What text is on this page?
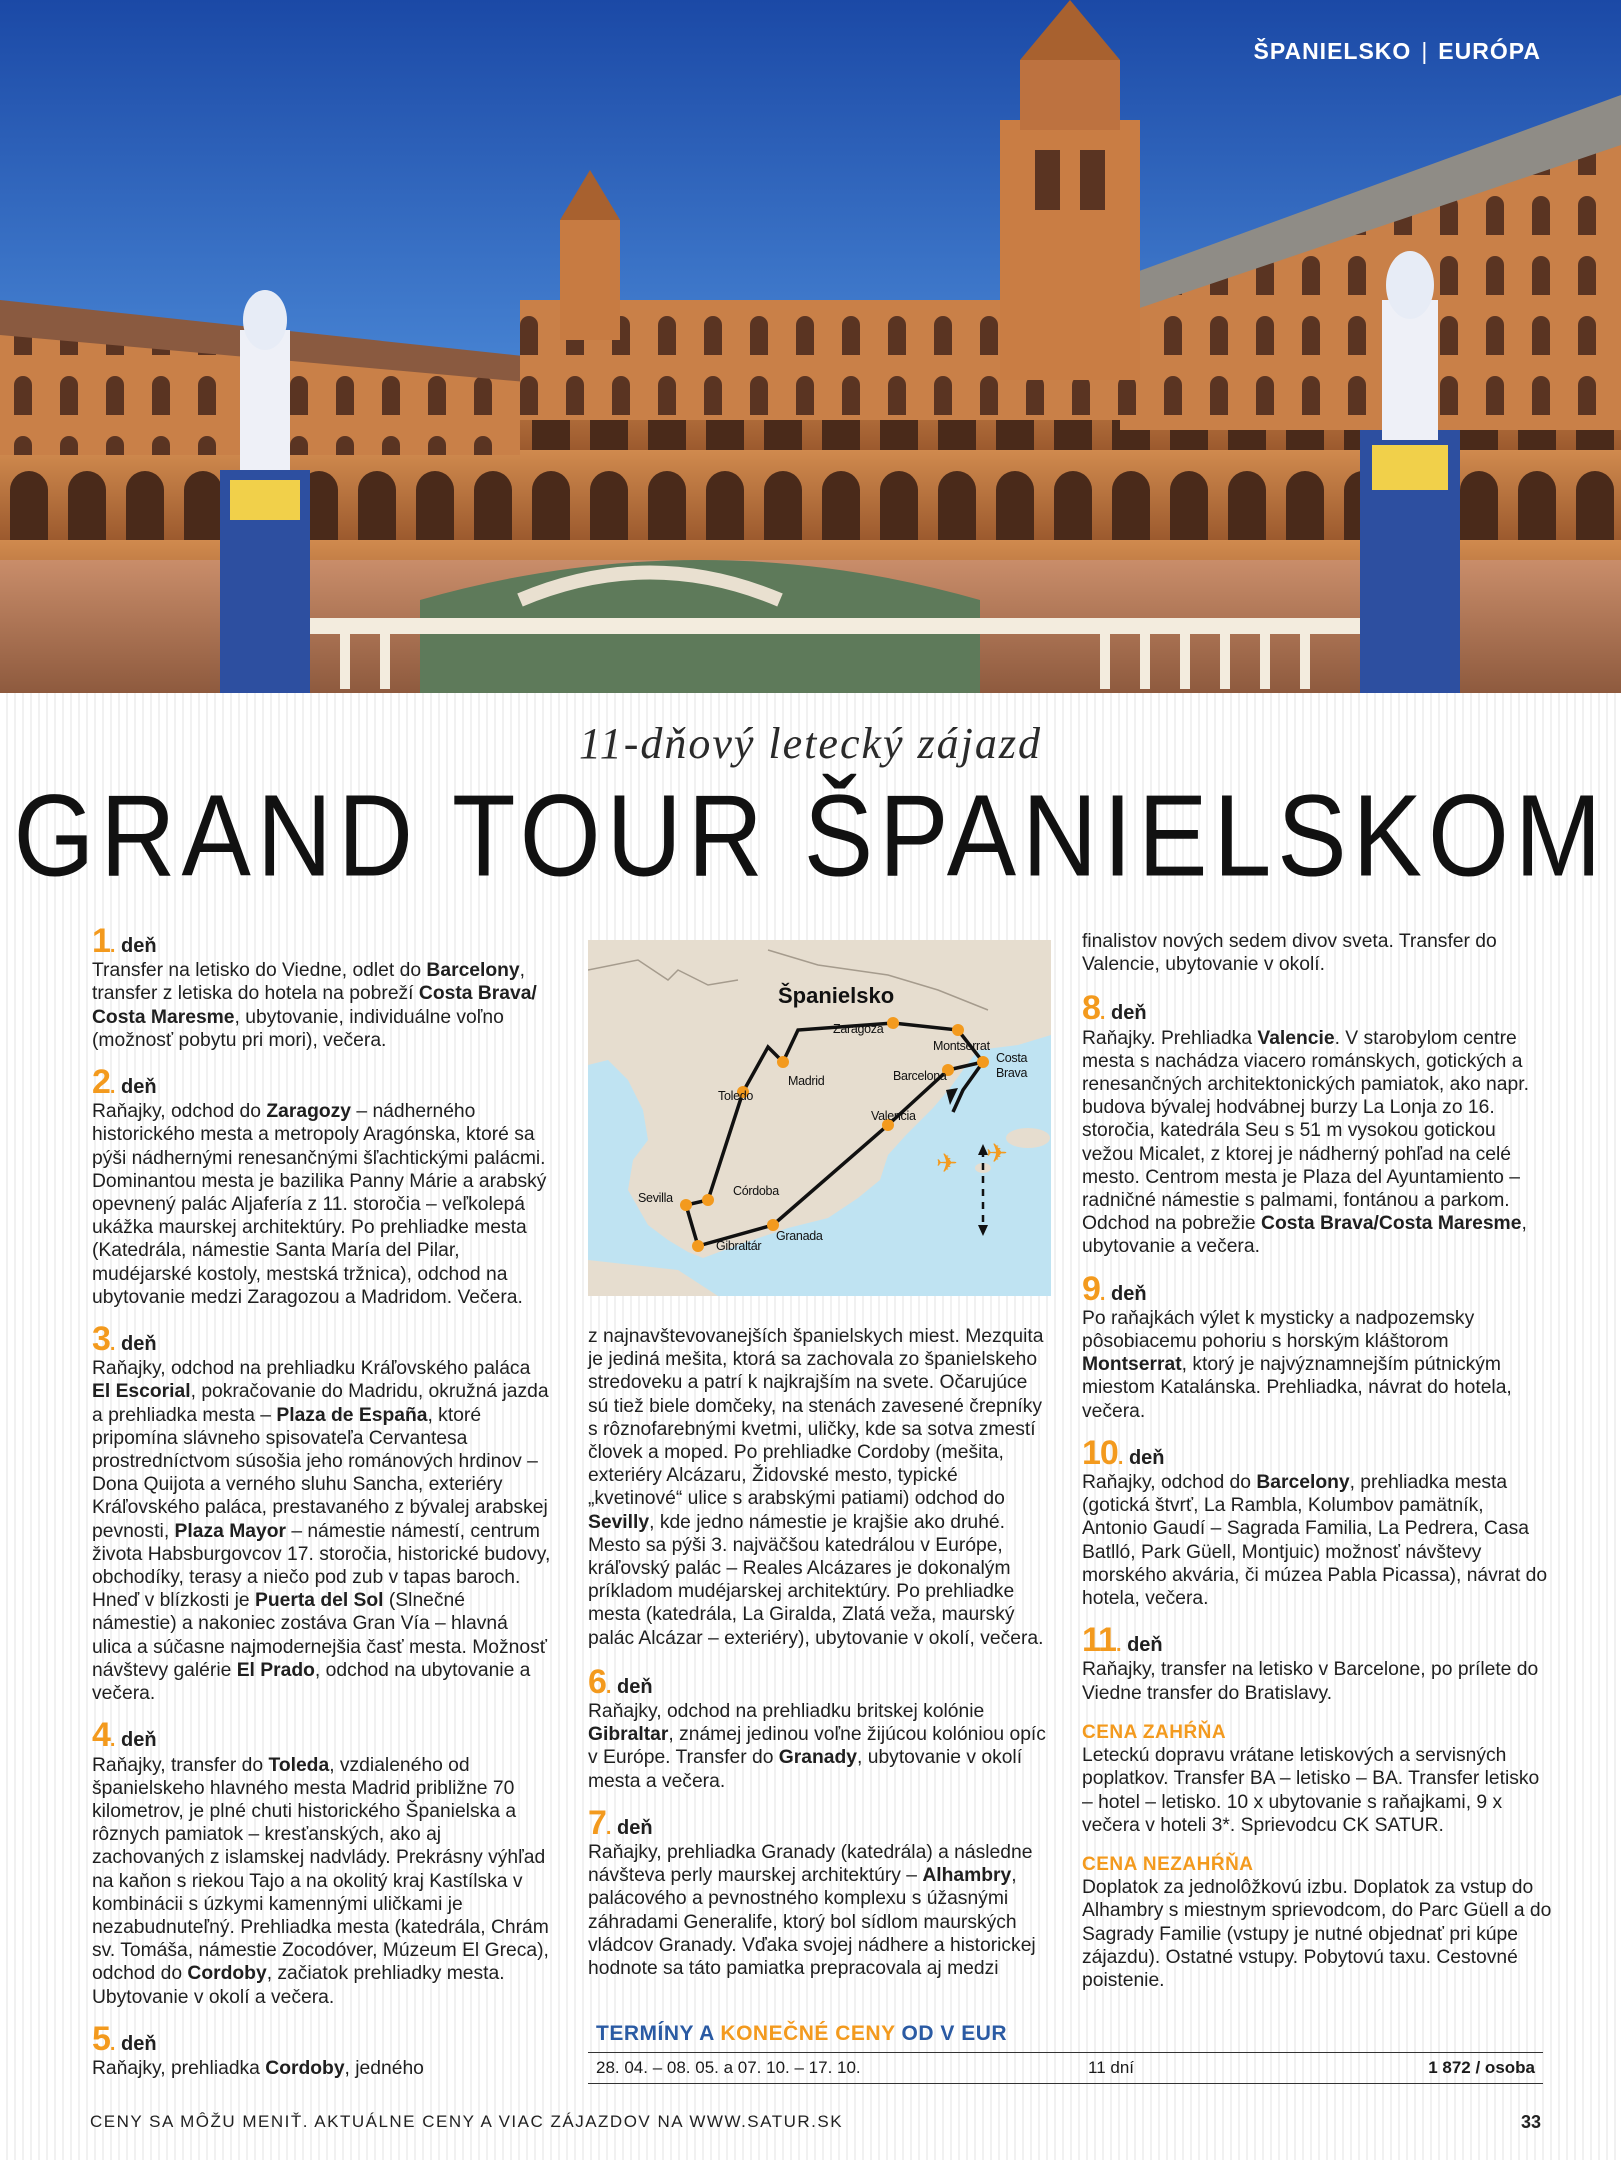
ŠPANIELSKO | EURÓPA
11-dňový letecký zájazd
GRAND TOUR ŠPANIELSKOM
1 . deň

Transfer na letisko do Viedne, odlet do Barcelony, transfer z letiska do hotela na pobreží Costa Brava/ Costa Maresme, ubytovanie, individuálne voľno (možnosť pobytu pri mori), večera.

2 . deň

Raňajky, odchod do Zaragozy – nádherného historického mesta a metropoly Aragónska, ktoré sa pýši nádhernými renesančnými šľachtickými palácmi. Dominantou mesta je bazilika Panny Márie a arabský opevnený palác Aljafería z 11. storočia – veľkolepá ukážka maurskej architektúry. Po prehliadke mesta (Katedrála, námestie Santa María del Pilar, mudéjarské kostoly, mestská tržnica), odchod na ubytovanie medzi Zaragozou a Madridom. Večera.

3 . deň

Raňajky, odchod na prehliadku Kráľovského paláca El Escorial, pokračovanie do Madridu, okružná jazda a prehliadka mesta – Plaza de España, ktoré pripomína slávneho spisovateľa Cervantesa prostredníctvom súsošia jeho románových hrdinov – Dona Quijota a verného sluhu Sancha, exteriéry Kráľovského paláca, prestavaného z bývalej arabskej pevnosti, Plaza Mayor – námestie námestí, centrum života Habsburgovcov 17. storočia, historické budovy, obchodíky, terasy a niečo pod zub v tapas baroch. Hneď v blízkosti je Puerta del Sol (Slnečné námestie) a nakoniec zostáva Gran Vía – hlavná ulica a súčasne najmodernejšia časť mesta. Možnosť návštevy galérie El Prado, odchod na ubytovanie a večera.

4 . deň

Raňajky, transfer do Toleda, vzdialeného od španielskeho hlavného mesta Madrid približne 70 kilometrov, je plné chuti historického Španielska a rôznych pamiatok – kresťanských, ako aj zachovaných z islamskej nadvlády. Prekrásny výhľad na kaňon s riekou Tajo a na okolitý kraj Kastílska v kombinácii s úzkymi kamennými uličkami je nezabudnuteľný. Prehliadka mesta (katedrála, Chrám sv. Tomáša, námestie Zocodóver, Múzeum El Greca), odchod do Cordoby, začiatok prehliadky mesta. Ubytovanie v okolí a večera.

5 . deň

Raňajky, prehliadka Cordoby, jedného

✈ ✈
Španielsko
Zaragoza
Montserrat
Madrid	Barcelona
Costa
Brava
Toledo
Valencia
Córdoba
Sevilla
Granada
Gibraltár

z najnavštevovanejších španielskych miest. Mezquita je jediná mešita, ktorá sa zachovala zo španielskeho stredoveku a patrí k najkrajším na svete. Očarujúce sú tiež biele domčeky, na stenách zavesené črepníky s rôznofarebnými kvetmi, uličky, kde sa sotva zmestí človek a moped. Po prehliadke Cordoby (mešita, exteriéry Alcázaru, Židovské mesto, typické „kvetinové“ ulice s arabskými patiami) odchod do Sevilly, kde jedno námestie je krajšie ako druhé. Mesto sa pýši 3. najväčšou katedrálou v Európe, kráľovský palác – Reales Alcázares je dokonalým príkladom mudéjarskej architektúry. Po prehliadke mesta (katedrála, La Giralda, Zlatá veža, maurský palác Alcázar – exteriéry), ubytovanie v okolí, večera.

6 . deň

Raňajky, odchod na prehliadku britskej kolónie Gibraltar, známej jedinou voľne žijúcou kolóniou opíc v Európe. Transfer do Granady, ubytovanie v okolí mesta a večera.

7 . deň

Raňajky, prehliadka Granady (katedrála) a následne návšteva perly maurskej architektúry – Alhambry, palácového a pevnostného komplexu s úžasnými záhradami Generalife, ktorý bol sídlom maurských vládcov Granady. Vďaka svojej nádhere a historickej hodnote sa táto pamiatka prepracovala aj medzi

finalistov nových sedem divov sveta. Transfer do Valencie, ubytovanie v okolí.

8 . deň

Raňajky. Prehliadka Valencie. V starobylom centre mesta s nachádza viacero románskych, gotických a renesančných architektonických pamiatok, ako napr. budova bývalej hodvábnej burzy La Lonja zo 16. storočia, katedrála Seu s 51 m vysokou gotickou vežou Micalet, z ktorej je nádherný pohľad na celé mesto. Centrom mesta je Plaza del Ayuntamiento – radničné námestie s palmami, fontánou a parkom. Odchod na pobrežie Costa Brava/Costa Maresme, ubytovanie a večera.

9 . deň

Po raňajkách výlet k mysticky a nadpozemsky pôsobiacemu pohoriu s horským kláštorom Montserrat, ktorý je najvýznamnejším pútnickým miestom Katalánska. Prehliadka, návrat do hotela, večera.

10 . deň

Raňajky, odchod do Barcelony, prehliadka mesta (gotická štvrť, La Rambla, Kolumbov pamätník, Antonio Gaudí – Sagrada Familia, La Pedrera, Casa Batlló, Park Güell, Montjuic) možnosť návštevy morského akvária, či múzea Pabla Picassa), návrat do hotela, večera.

11 . deň

Raňajky, transfer na letisko v Barcelone, po prílete do Viedne transfer do Bratislavy.

CENA ZAHŔŇA

Leteckú dopravu vrátane letiskových a servisných poplatkov. Transfer BA – letisko – BA. Transfer letisko – hotel – letisko. 10 x ubytovanie s raňajkami, 9 x večera v hoteli 3*. Sprievodcu CK SATUR.

CENA NEZAHŔŇA

Doplatok za jednolôžkovú izbu. Doplatok za vstup do Alhambry s miestnym sprievodcom, do Parc Güell a do Sagrady Familie (vstupy je nutné objednať pri kúpe zájazdu). Ostatné vstupy. Pobytovú taxu. Cestovné poistenie.

TERMÍNY A KONEČNÉ CENY OD V EUR
28. 04. – 08. 05. a 07. 10. – 17. 10.	11 dní	1 872 / osoba
CENY SA MÔŽU MENIŤ. AKTUÁLNE CENY A VIAC ZÁJAZDOV NA WWW.SATUR.SK	33
